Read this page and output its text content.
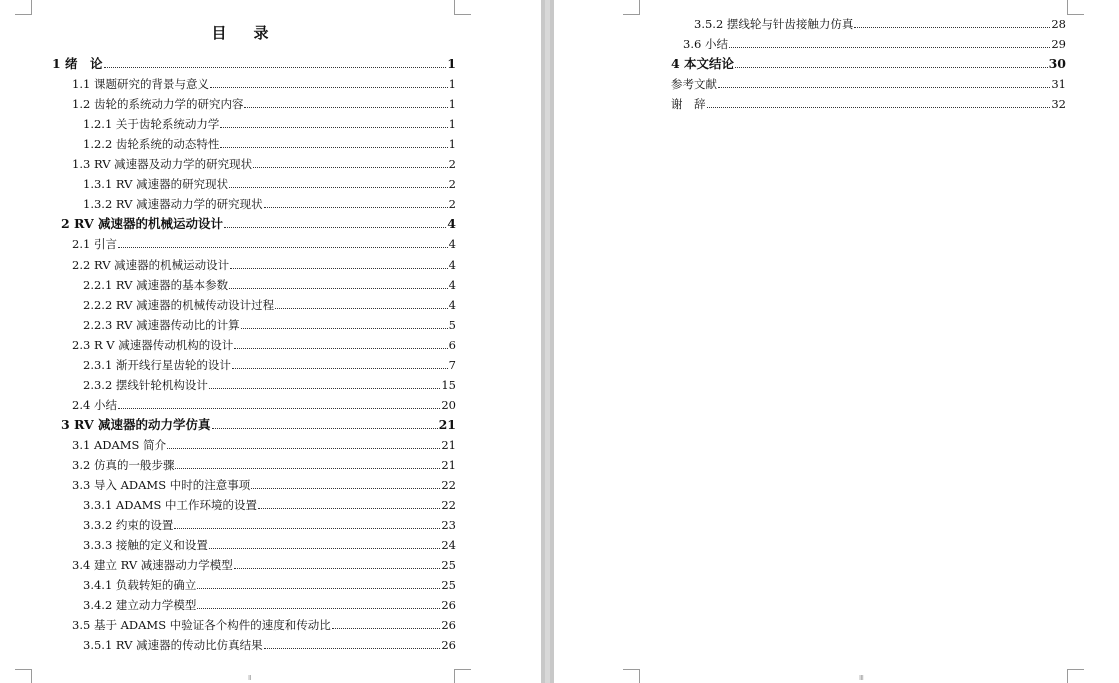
目　录
1 绪　论	1
1.1 课题研究的背景与意义	1
1.2 齿轮的系统动力学的研究内容	1
1.2.1 关于齿轮系统动力学	1
1.2.2 齿轮系统的动态特性	1
1.3 RV 减速器及动力学的研究现状	2
1.3.1 RV 减速器的研究现状	2
1.3.2 RV 减速器动力学的研究现状	2
2 RV 减速器的机械运动设计	4
2.1 引言	4
2.2 RV 减速器的机械运动设计	4
2.2.1 RV 减速器的基本参数	4
2.2.2 RV 减速器的机械传动设计过程	4
2.2.3 RV 减速器传动比的计算	5
2.3 R V 减速器传动机构的设计	6
2.3.1 渐开线行星齿轮的设计	7
2.3.2 摆线针轮机构设计	15
2.4 小结	20
3 RV 减速器的动力学仿真	21
3.1 ADAMS 简介	21
3.2 仿真的一般步骤	21
3.3 导入 ADAMS 中时的注意事项	22
3.3.1 ADAMS 中工作环境的设置	22
3.3.2 约束的设置	23
3.3.3 接触的定义和设置	24
3.4 建立 RV 减速器动力学模型	25
3.4.1 负载转矩的确立	25
3.4.2 建立动力学模型	26
3.5 基于 ADAMS 中验证各个构件的速度和传动比	26
3.5.1 RV 减速器的传动比仿真结果	26
Ⅱ
3.5.2 摆线轮与针齿接触力仿真	28
3.6 小结	29
4 本文结论	30
参考文献	31
谢　辞	32
Ⅲ
